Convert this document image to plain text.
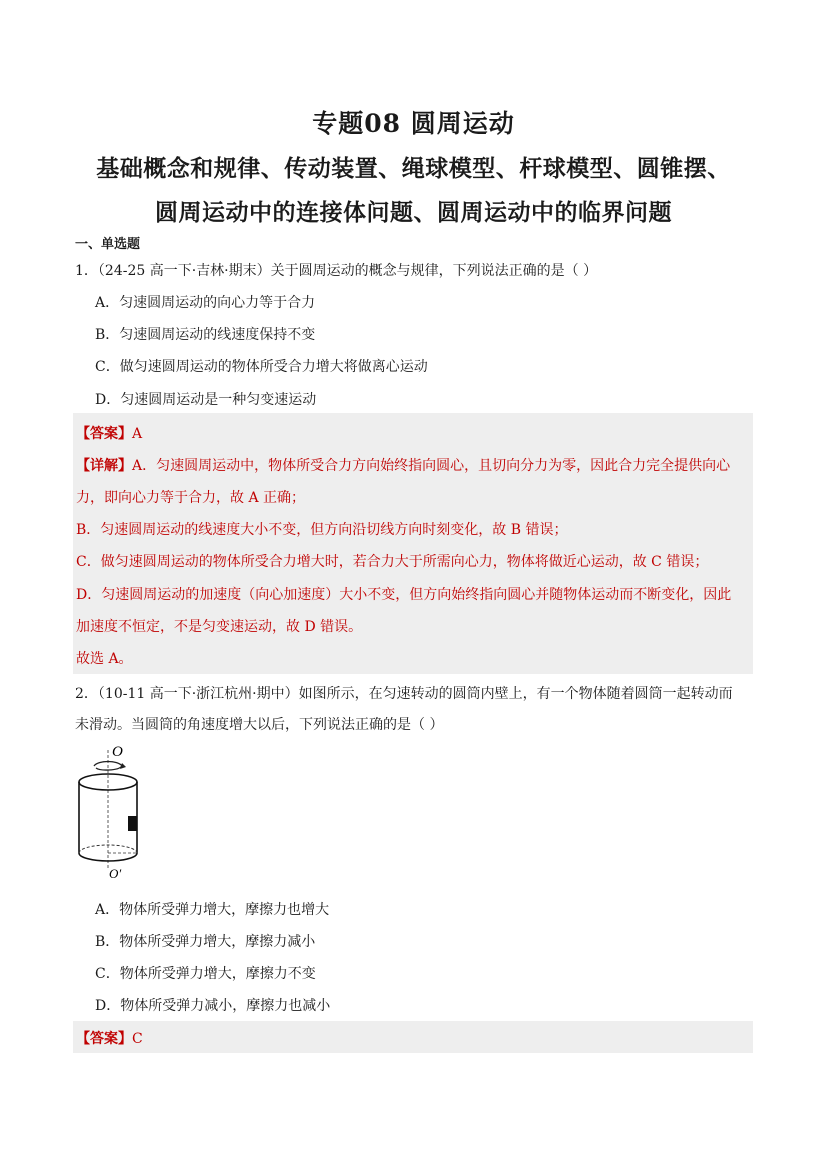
专题08 圆周运动
基础概念和规律、传动装置、绳球模型、杆球模型、圆锥摆、
圆周运动中的连接体问题、圆周运动中的临界问题
一、单选题
1．（24-25 高一下·吉林·期末）关于圆周运动的概念与规律，下列说法正确的是（ ）
A．匀速圆周运动的向心力等于合力
B．匀速圆周运动的线速度保持不变
C．做匀速圆周运动的物体所受合力增大将做离心运动
D．匀速圆周运动是一种匀变速运动
【答案】A
【详解】A．匀速圆周运动中，物体所受合力方向始终指向圆心，且切向分力为零，因此合力完全提供向心
力，即向心力等于合力，故 A 正确；
B．匀速圆周运动的线速度大小不变，但方向沿切线方向时刻变化，故 B 错误；
C．做匀速圆周运动的物体所受合力增大时，若合力大于所需向心力，物体将做近心运动，故 C 错误；
D．匀速圆周运动的加速度（向心加速度）大小不变，但方向始终指向圆心并随物体运动而不断变化，因此
加速度不恒定，不是匀变速运动，故 D 错误。
故选 A。
2．（10-11 高一下·浙江杭州·期中）如图所示，在匀速转动的圆筒内壁上，有一个物体随着圆筒一起转动而
未滑动。当圆筒的角速度增大以后，下列说法正确的是（ ）
O
O′
A．物体所受弹力增大，摩擦力也增大
B．物体所受弹力增大，摩擦力减小
C．物体所受弹力增大，摩擦力不变
D．物体所受弹力减小，摩擦力也减小
【答案】C
